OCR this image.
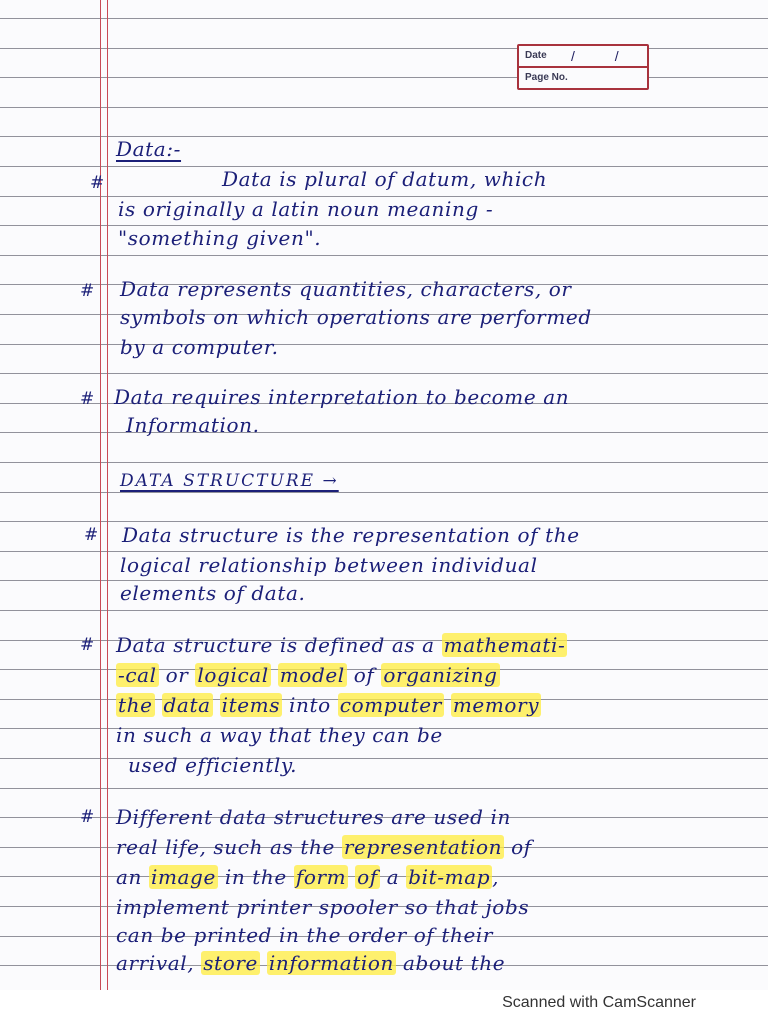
Date / /
Page No.
Data:-
#	Data is plural of datum, which
is originally a latin noun meaning -
"something given".
# Data represents quantities, characters, or
symbols on which operations are performed
by a computer.
# Data requires interpretation to become an
Information.
DATA STRUCTURE →
# Data structure is the representation of the
logical relationship between individual
elements of data.
# Data structure is defined as a mathemati-
-cal or logical model of organizing
the data items into computer memory
in such a way that they can be
used efficiently.
# Different data structures are used in
real life, such as the representation of
an image in the form of a bit-map ,
implement printer spooler so that jobs
can be printed in the order of their
arrival, store information about the
Scanned with CamScanner
